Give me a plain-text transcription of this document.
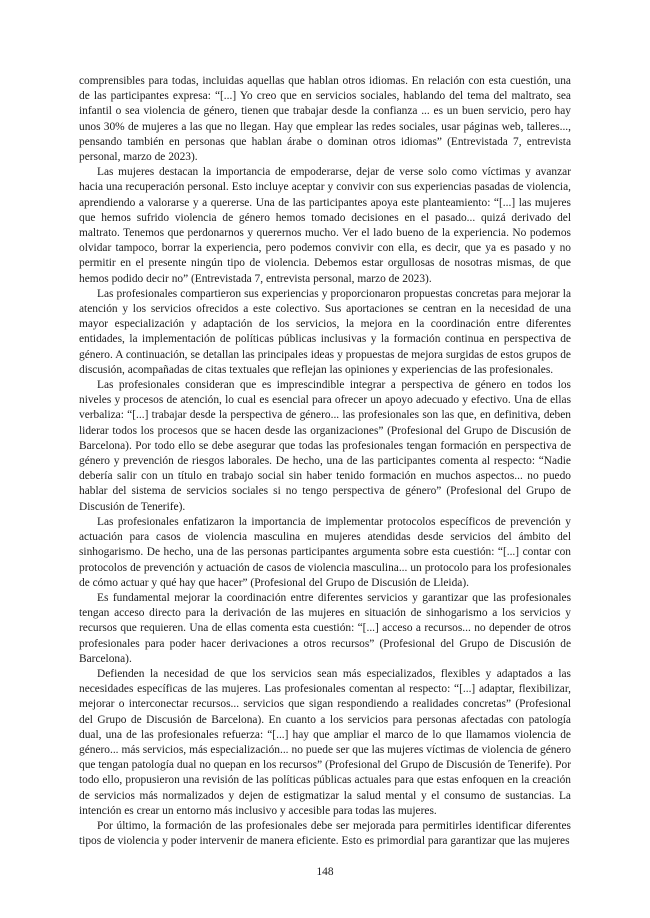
comprensibles para todas, incluidas aquellas que hablan otros idiomas. En relación con esta cuestión, una de las participantes expresa: “[...] Yo creo que en servicios sociales, hablando del tema del maltrato, sea infantil o sea violencia de género, tienen que trabajar desde la confianza ... es un buen servicio, pero hay unos 30% de mujeres a las que no llegan. Hay que emplear las redes sociales, usar páginas web, talleres..., pensando también en personas que hablan árabe o dominan otros idiomas” (Entrevistada 7, entrevista personal, marzo de 2023).

Las mujeres destacan la importancia de empoderarse, dejar de verse solo como víctimas y avanzar hacia una recuperación personal. Esto incluye aceptar y convivir con sus experiencias pasadas de violencia, aprendiendo a valorarse y a quererse. Una de las participantes apoya este planteamiento: “[...] las mujeres que hemos sufrido violencia de género hemos tomado decisiones en el pasado... quizá derivado del maltrato. Tenemos que perdonarnos y querernos mucho. Ver el lado bueno de la experiencia. No podemos olvidar tampoco, borrar la experiencia, pero podemos convivir con ella, es decir, que ya es pasado y no permitir en el presente ningún tipo de violencia. Debemos estar orgullosas de nosotras mismas, de que hemos podido decir no” (Entrevistada 7, entrevista personal, marzo de 2023).

Las profesionales compartieron sus experiencias y proporcionaron propuestas concretas para mejorar la atención y los servicios ofrecidos a este colectivo. Sus aportaciones se centran en la necesidad de una mayor especialización y adaptación de los servicios, la mejora en la coordinación entre diferentes entidades, la implementación de políticas públicas inclusivas y la formación continua en perspectiva de género. A continuación, se detallan las principales ideas y propuestas de mejora surgidas de estos grupos de discusión, acompañadas de citas textuales que reflejan las opiniones y experiencias de las profesionales.

Las profesionales consideran que es imprescindible integrar a perspectiva de género en todos los niveles y procesos de atención, lo cual es esencial para ofrecer un apoyo adecuado y efectivo. Una de ellas verbaliza: “[...] trabajar desde la perspectiva de género... las profesionales son las que, en definitiva, deben liderar todos los procesos que se hacen desde las organizaciones” (Profesional del Grupo de Discusión de Barcelona). Por todo ello se debe asegurar que todas las profesionales tengan formación en perspectiva de género y prevención de riesgos laborales. De hecho, una de las participantes comenta al respecto: “Nadie debería salir con un título en trabajo social sin haber tenido formación en muchos aspectos... no puedo hablar del sistema de servicios sociales si no tengo perspectiva de género” (Profesional del Grupo de Discusión de Tenerife).

Las profesionales enfatizaron la importancia de implementar protocolos específicos de prevención y actuación para casos de violencia masculina en mujeres atendidas desde servicios del ámbito del sinhogarismo. De hecho, una de las personas participantes argumenta sobre esta cuestión: “[...] contar con protocolos de prevención y actuación de casos de violencia masculina... un protocolo para los profesionales de cómo actuar y qué hay que hacer” (Profesional del Grupo de Discusión de Lleida).

Es fundamental mejorar la coordinación entre diferentes servicios y garantizar que las profesionales tengan acceso directo para la derivación de las mujeres en situación de sinhogarismo a los servicios y recursos que requieren. Una de ellas comenta esta cuestión: “[...] acceso a recursos... no depender de otros profesionales para poder hacer derivaciones a otros recursos” (Profesional del Grupo de Discusión de Barcelona).

Defienden la necesidad de que los servicios sean más especializados, flexibles y adaptados a las necesidades específicas de las mujeres. Las profesionales comentan al respecto: “[...] adaptar, flexibilizar, mejorar o interconectar recursos... servicios que sigan respondiendo a realidades concretas” (Profesional del Grupo de Discusión de Barcelona). En cuanto a los servicios para personas afectadas con patología dual, una de las profesionales refuerza: “[...] hay que ampliar el marco de lo que llamamos violencia de género... más servicios, más especialización... no puede ser que las mujeres víctimas de violencia de género que tengan patología dual no quepan en los recursos” (Profesional del Grupo de Discusión de Tenerife). Por todo ello, propusieron una revisión de las políticas públicas actuales para que estas enfoquen en la creación de servicios más normalizados y dejen de estigmatizar la salud mental y el consumo de sustancias. La intención es crear un entorno más inclusivo y accesible para todas las mujeres.

Por último, la formación de las profesionales debe ser mejorada para permitirles identificar diferentes tipos de violencia y poder intervenir de manera eficiente. Esto es primordial para garantizar que las mujeres

148
